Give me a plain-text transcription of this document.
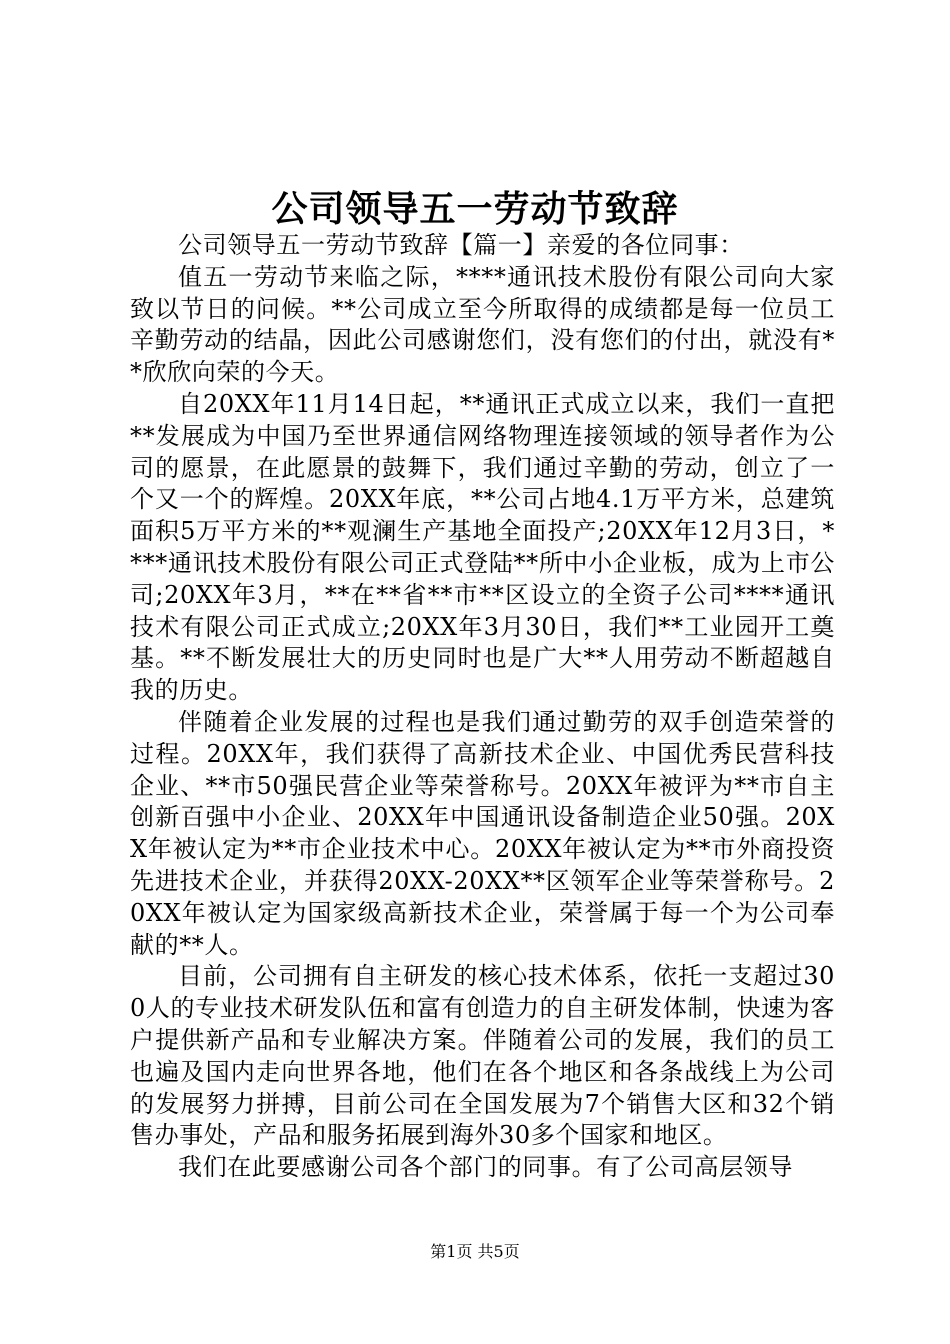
公司领导五一劳动节致辞

公司领导五一劳动节致辞【篇一】亲爱的各位同事：

值五一劳动节来临之际，****通讯技术股份有限公司向大家致以节日的问候。**公司成立至今所取得的成绩都是每一位员工辛勤劳动的结晶，因此公司感谢您们，没有您们的付出，就没有**欣欣向荣的今天。

自20XX年11月14日起，**通讯正式成立以来，我们一直把**发展成为中国乃至世界通信网络物理连接领域的领导者作为公司的愿景，在此愿景的鼓舞下，我们通过辛勤的劳动，创立了一个又一个的辉煌。20XX年底，**公司占地4.1万平方米，总建筑面积5万平方米的**观澜生产基地全面投产;20XX年12月3日，****通讯技术股份有限公司正式登陆**所中小企业板，成为上市公司;20XX年3月，**在**省**市**区设立的全资子公司****通讯技术有限公司正式成立;20XX年3月30日，我们**工业园开工奠基。**不断发展壮大的历史同时也是广大**人用劳动不断超越自我的历史。

伴随着企业发展的过程也是我们通过勤劳的双手创造荣誉的过程。20XX年，我们获得了高新技术企业、中国优秀民营科技企业、**市50强民营企业等荣誉称号。20XX年被评为**市自主创新百强中小企业、20XX年中国通讯设备制造企业50强。20XX年被认定为**市企业技术中心。20XX年被认定为**市外商投资先进技术企业，并获得20XX-20XX**区领军企业等荣誉称号。20XX年被认定为国家级高新技术企业，荣誉属于每一个为公司奉献的**人。

目前，公司拥有自主研发的核心技术体系，依托一支超过300人的专业技术研发队伍和富有创造力的自主研发体制，快速为客户提供新产品和专业解决方案。伴随着公司的发展，我们的员工也遍及国内走向世界各地，他们在各个地区和各条战线上为公司的发展努力拼搏，目前公司在全国发展为7个销售大区和32个销售办事处，产品和服务拓展到海外30多个国家和地区。

我们在此要感谢公司各个部门的同事。有了公司高层领导

第1页 共5页
